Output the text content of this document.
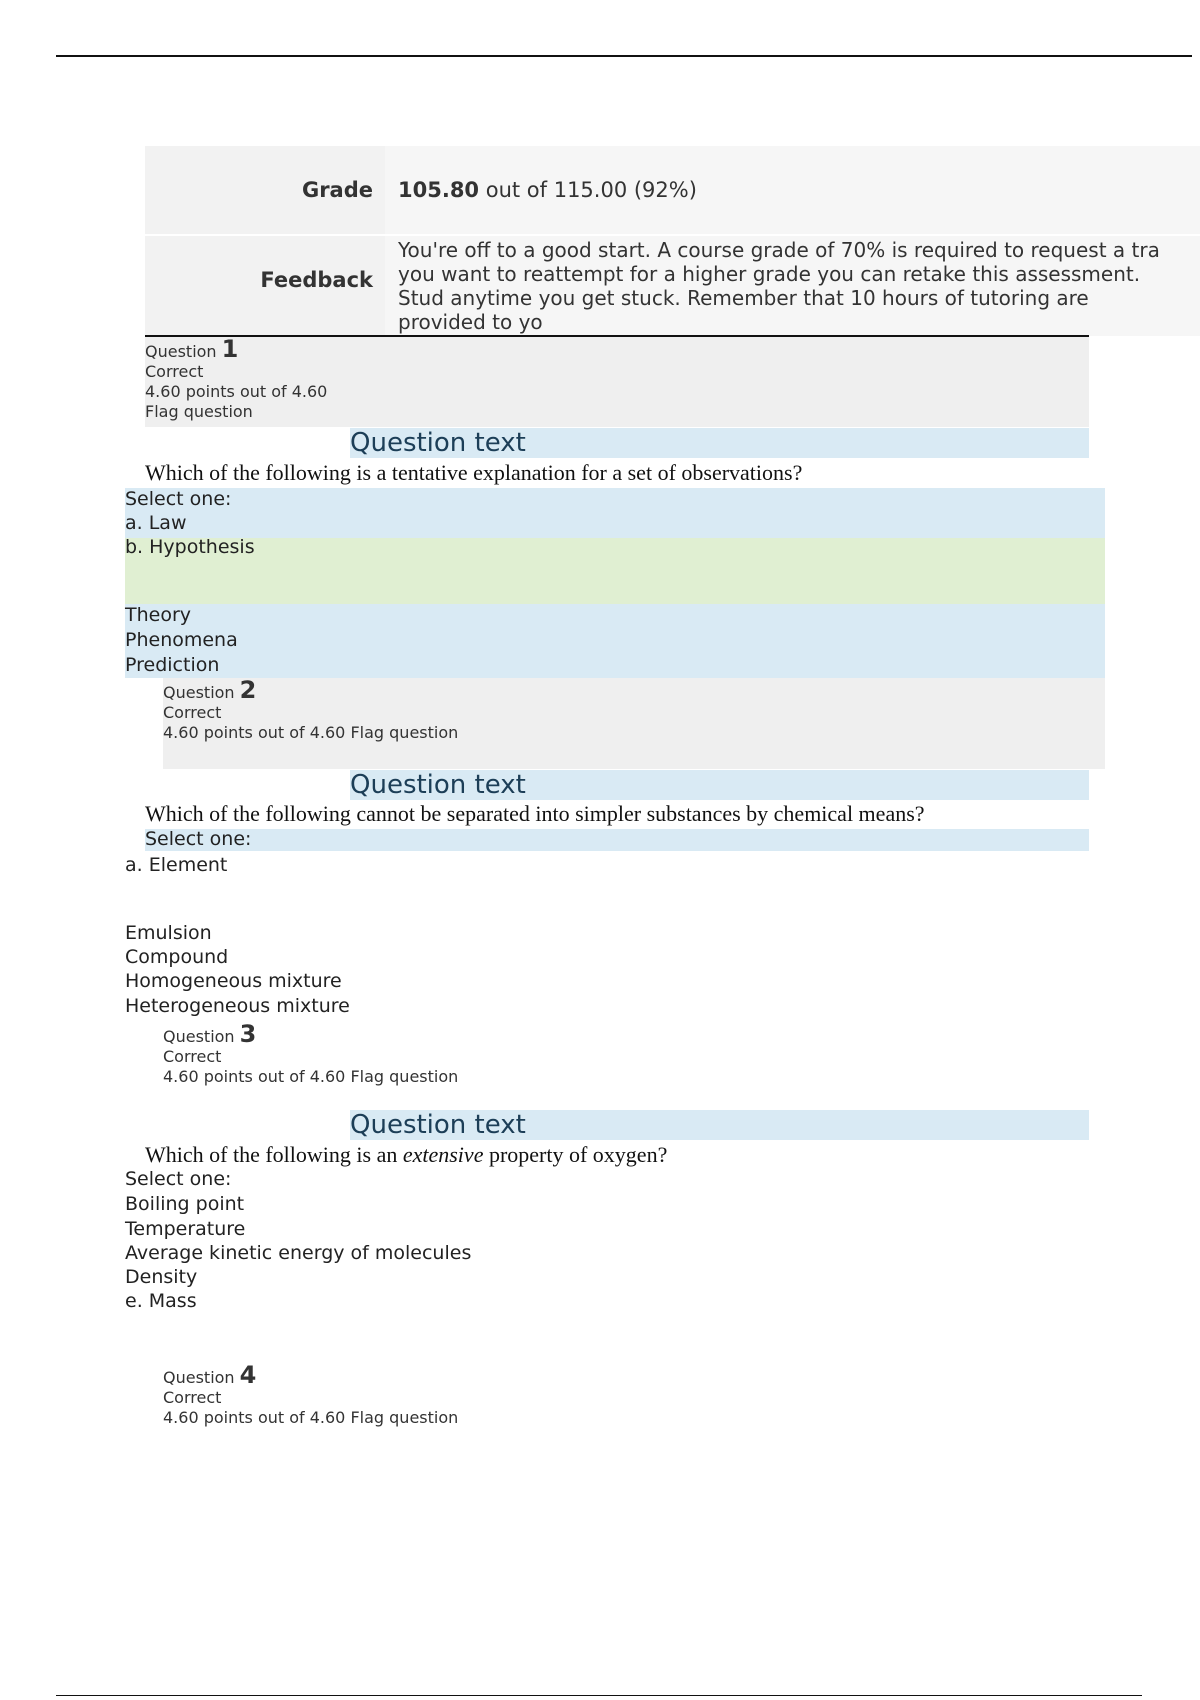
Grade 105.80 out of 115.00 (92%)
Feedback
You're off to a good start. A course grade of 70% is required to request a tra
you want to reattempt for a higher grade you can retake this assessment.
Stud anytime you get stuck. Remember that 10 hours of tutoring are
provided to yo
Question 1
Correct
4.60 points out of 4.60
Flag question
Question text
Which of the following is a tentative explanation for a set of observations?
Select one:
a. Law
b. Hypothesis
Theory
Phenomena
Prediction
Question 2
Correct
4.60 points out of 4.60 Flag question
Question text
Which of the following cannot be separated into simpler substances by chemical means?
Select one:
a. Element
Emulsion
Compound
Homogeneous mixture
Heterogeneous mixture
Question 3
Correct
4.60 points out of 4.60 Flag question
Question text
Which of the following is an extensive property of oxygen?
Select one:
Boiling point
Temperature
Average kinetic energy of molecules
Density
e. Mass
Question 4
Correct
4.60 points out of 4.60 Flag question
